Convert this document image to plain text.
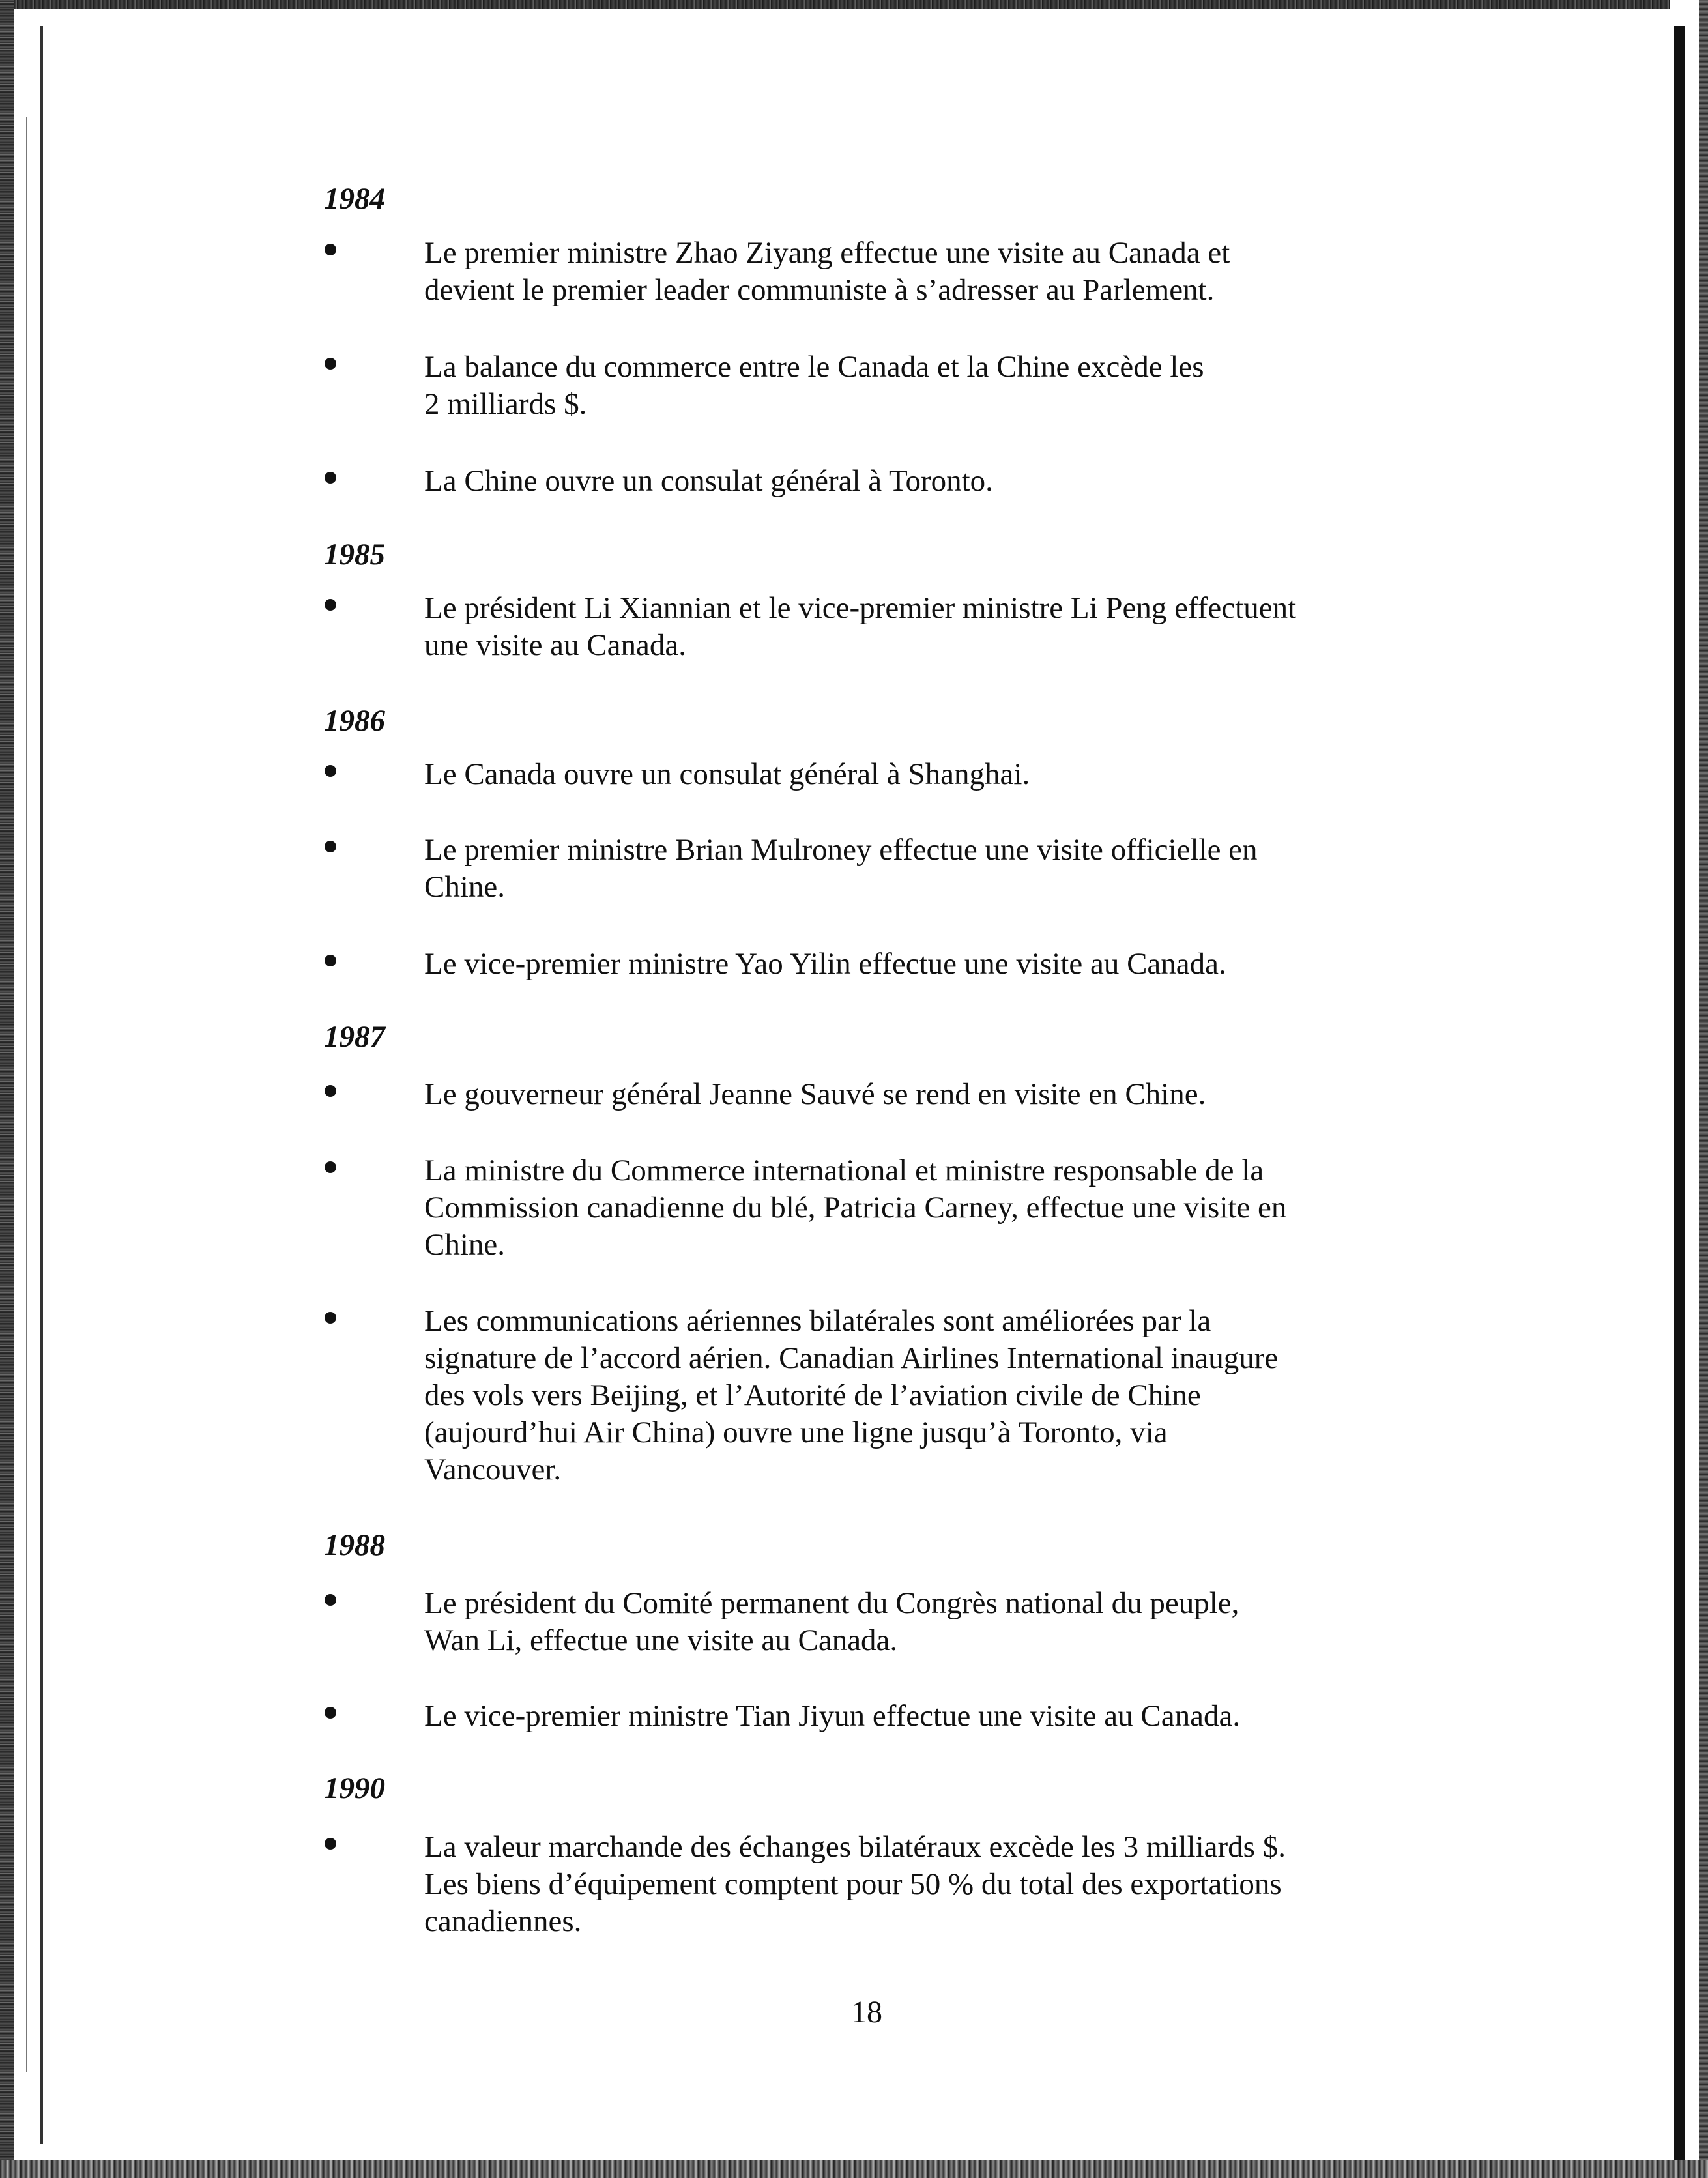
1984
Le premier ministre Zhao Ziyang effectue une visite au Canada et
devient le premier leader communiste à s’adresser au Parlement.
La balance du commerce entre le Canada et la Chine excède les
2 milliards $.
La Chine ouvre un consulat général à Toronto.
1985
Le président Li Xiannian et le vice-premier ministre Li Peng effectuent
une visite au Canada.
1986
Le Canada ouvre un consulat général à Shanghai.
Le premier ministre Brian Mulroney effectue une visite officielle en
Chine.
Le vice-premier ministre Yao Yilin effectue une visite au Canada.
1987
Le gouverneur général Jeanne Sauvé se rend en visite en Chine.
La ministre du Commerce international et ministre responsable de la
Commission canadienne du blé, Patricia Carney, effectue une visite en
Chine.
Les communications aériennes bilatérales sont améliorées par la
signature de l’accord aérien. Canadian Airlines International inaugure
des vols vers Beijing, et l’Autorité de l’aviation civile de Chine
(aujourd’hui Air China) ouvre une ligne jusqu’à Toronto, via
Vancouver.
1988
Le président du Comité permanent du Congrès national du peuple,
Wan Li, effectue une visite au Canada.
Le vice-premier ministre Tian Jiyun effectue une visite au Canada.
1990
La valeur marchande des échanges bilatéraux excède les 3 milliards $.
Les biens d’équipement comptent pour 50 % du total des exportations
canadiennes.
18
